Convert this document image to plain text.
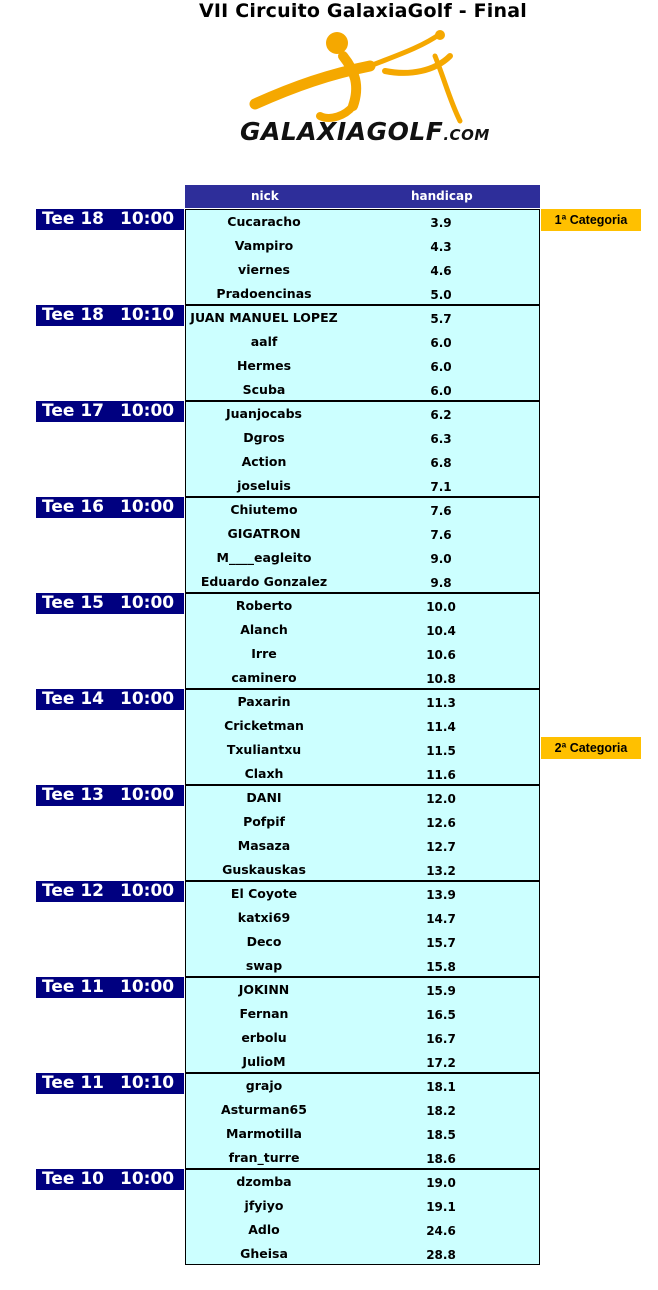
VII Circuito GalaxiaGolf - Final
GALAXIAGOLF.COM
nick	handicap
Tee 18 10:00	Cucaracho	3.9
Vampiro	4.3
viernes	4.6
Pradoencinas	5.0
Tee 18 10:10	JUAN MANUEL LOPEZ	5.7
aalf	6.0
Hermes	6.0
Scuba	6.0
Tee 17 10:00	Juanjocabs	6.2
Dgros	6.3
Action	6.8
joseluis	7.1
Tee 16 10:00	Chiutemo	7.6
GIGATRON	7.6
M____eagleito	9.0
Eduardo Gonzalez	9.8
Tee 15 10:00	Roberto	10.0
Alanch	10.4
Irre	10.6
caminero	10.8
Tee 14 10:00	Paxarin	11.3
Cricketman	11.4
Txuliantxu	11.5
Claxh	11.6
Tee 13 10:00	DANI	12.0
Pofpif	12.6
Masaza	12.7
Guskauskas	13.2
Tee 12 10:00	El Coyote	13.9
katxi69	14.7
Deco	15.7
swap	15.8
Tee 11 10:00	JOKINN	15.9
Fernan	16.5
erbolu	16.7
JulioM	17.2
Tee 11 10:10	grajo	18.1
Asturman65	18.2
Marmotilla	18.5
fran_turre	18.6
Tee 10 10:00	dzomba	19.0
jfyiyo	19.1
Adlo	24.6
Gheisa	28.8
1ª Categoria
2ª Categoria
